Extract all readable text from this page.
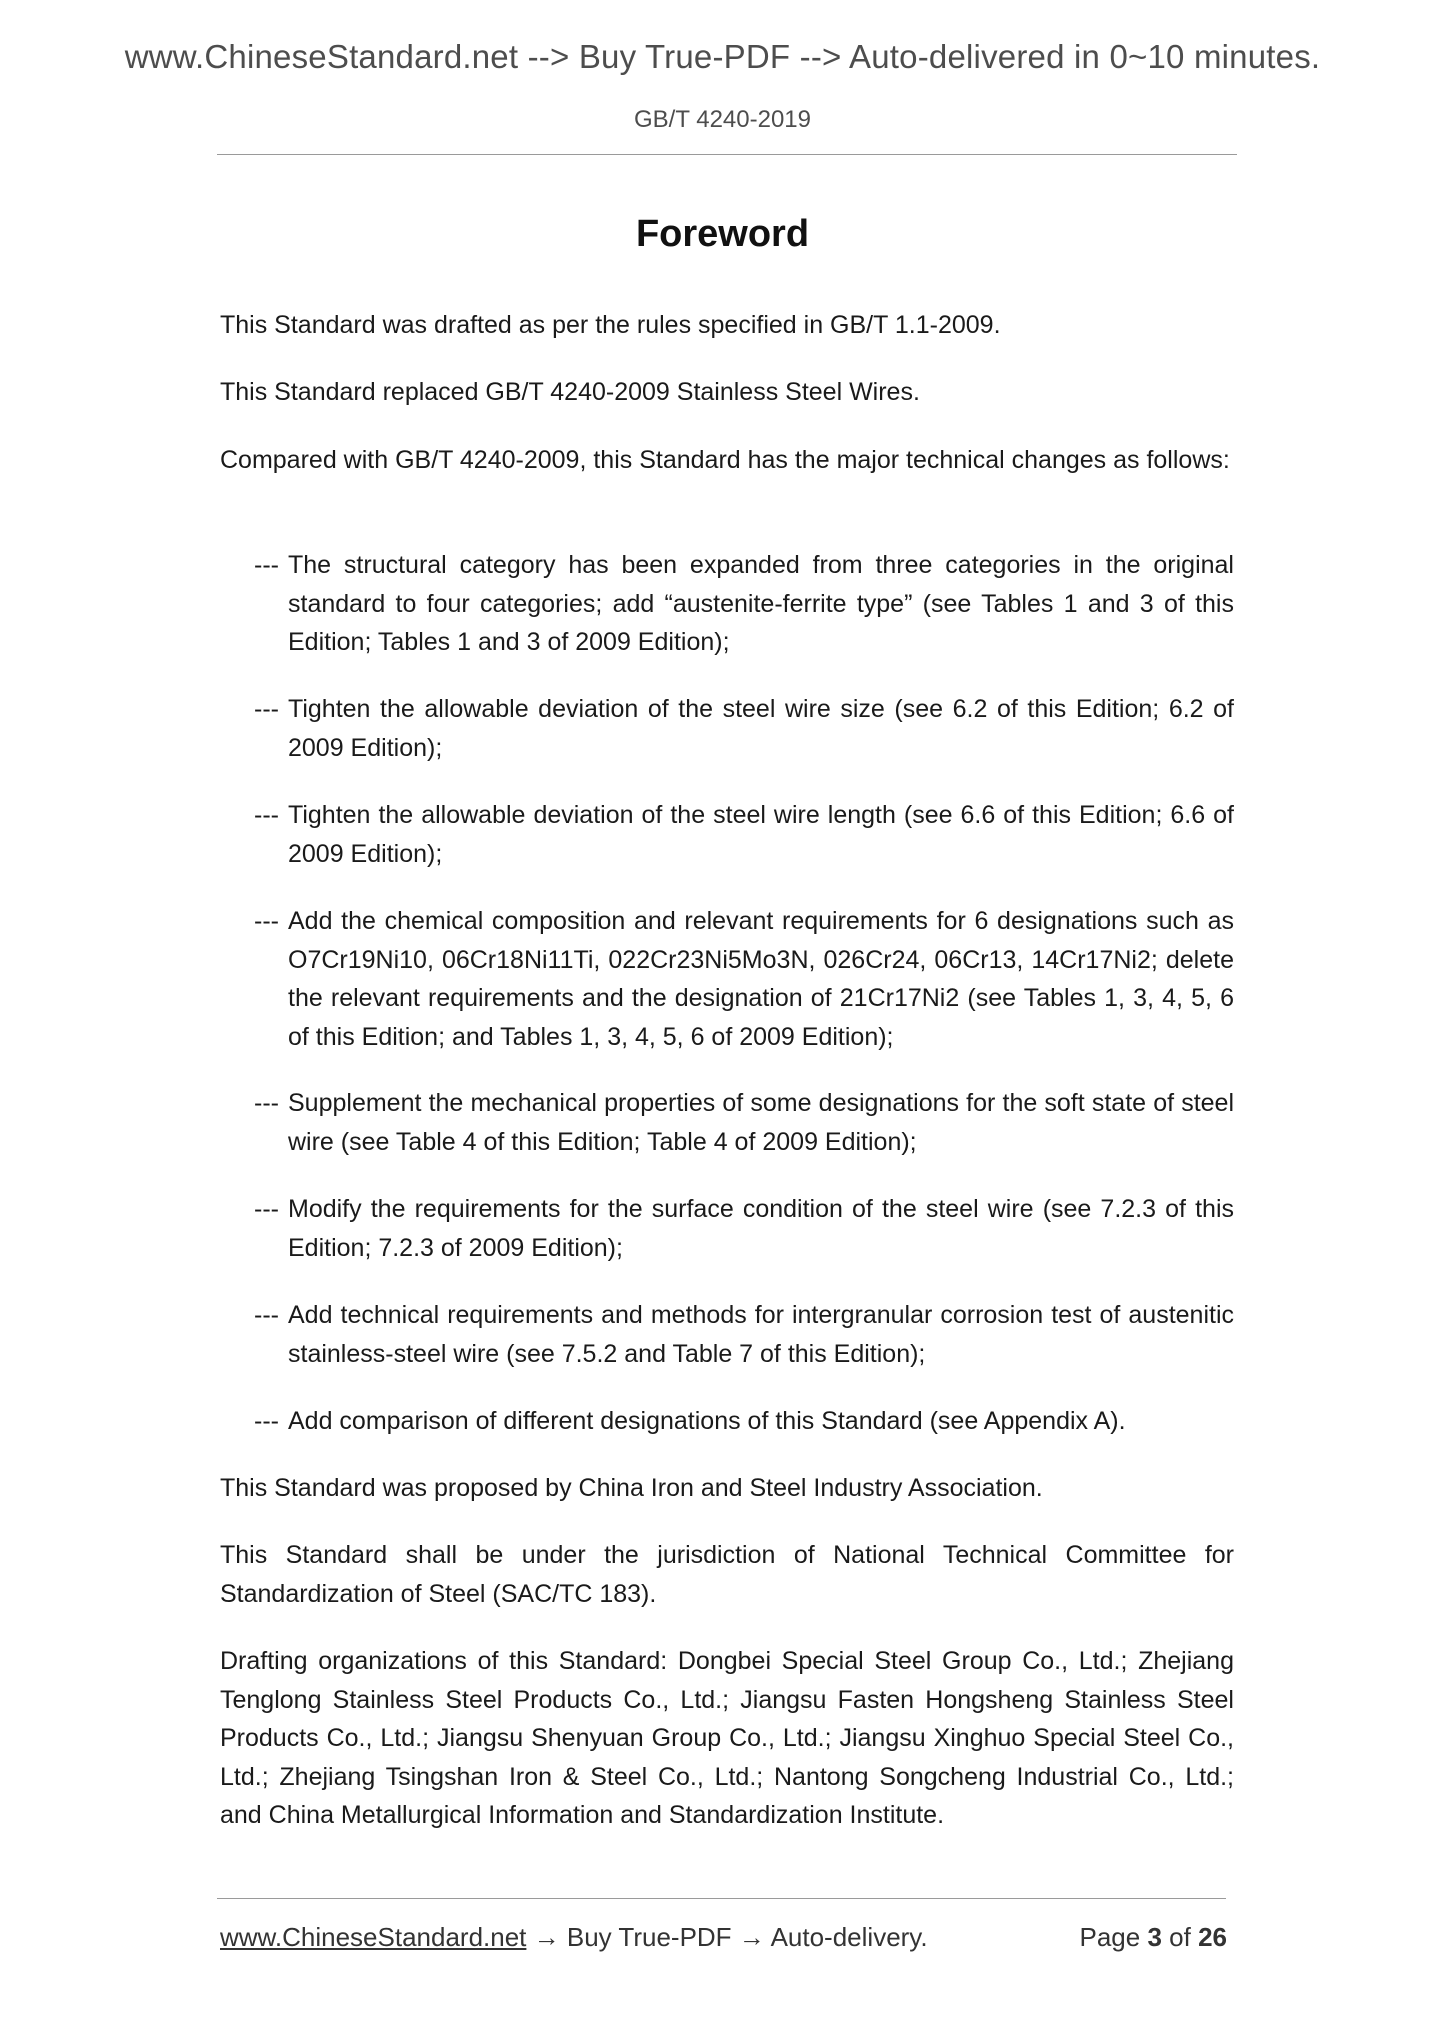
www.ChineseStandard.net --> Buy True-PDF --> Auto-delivered in 0~10 minutes.
GB/T 4240-2019
Foreword

This Standard was drafted as per the rules specified in GB/T 1.1-2009.

This Standard replaced GB/T 4240-2009 Stainless Steel Wires.

Compared with GB/T 4240-2009, this Standard has the major technical changes as follows:

--- The structural category has been expanded from three categories in the original standard to four categories; add “austenite-ferrite type” (see Tables 1 and 3 of this Edition; Tables 1 and 3 of 2009 Edition);
--- Tighten the allowable deviation of the steel wire size (see 6.2 of this Edition; 6.2 of 2009 Edition);
--- Tighten the allowable deviation of the steel wire length (see 6.6 of this Edition; 6.6 of 2009 Edition);
--- Add the chemical composition and relevant requirements for 6 designations such as O7Cr19Ni10, 06Cr18Ni11Ti, 022Cr23Ni5Mo3N, 026Cr24, 06Cr13, 14Cr17Ni2; delete the relevant requirements and the designation of 21Cr17Ni2 (see Tables 1, 3, 4, 5, 6 of this Edition; and Tables 1, 3, 4, 5, 6 of 2009 Edition);
--- Supplement the mechanical properties of some designations for the soft state of steel wire (see Table 4 of this Edition; Table 4 of 2009 Edition);
--- Modify the requirements for the surface condition of the steel wire (see 7.2.3 of this Edition; 7.2.3 of 2009 Edition);
--- Add technical requirements and methods for intergranular corrosion test of austenitic stainless-steel wire (see 7.5.2 and Table 7 of this Edition);
--- Add comparison of different designations of this Standard (see Appendix A).

This Standard was proposed by China Iron and Steel Industry Association.

This Standard shall be under the jurisdiction of National Technical Committee for Standardization of Steel (SAC/TC 183).

Drafting organizations of this Standard: Dongbei Special Steel Group Co., Ltd.; Zhejiang Tenglong Stainless Steel Products Co., Ltd.; Jiangsu Fasten Hongsheng Stainless Steel Products Co., Ltd.; Jiangsu Shenyuan Group Co., Ltd.; Jiangsu Xinghuo Special Steel Co., Ltd.; Zhejiang Tsingshan Iron & Steel Co., Ltd.; Nantong Songcheng Industrial Co., Ltd.; and China Metallurgical Information and Standardization Institute.

www.ChineseStandard.net → Buy True-PDF → Auto-delivery.	Page 3 of 26
